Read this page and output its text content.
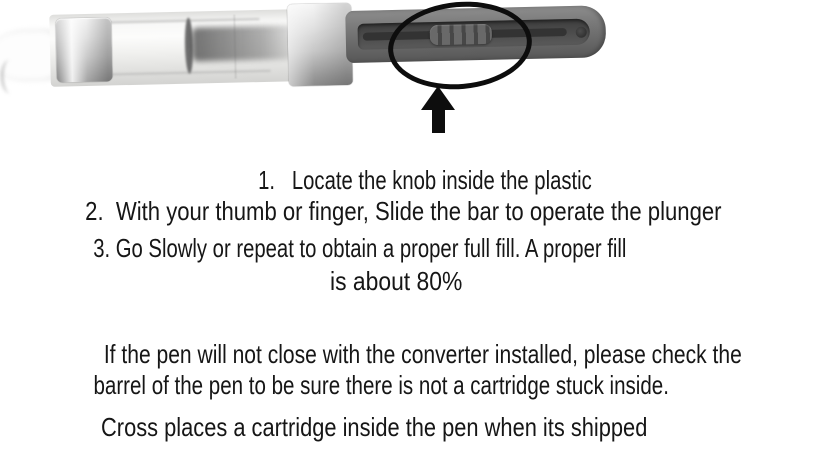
1.   Locate the knob inside the plastic

2.  With your thumb or finger, Slide the bar to operate the plunger

3. Go Slowly or repeat to obtain a proper full fill. A proper fill

is about 80%

If the pen will not close with the converter installed, please check the

barrel of the pen to be sure there is not a cartridge stuck inside.

Cross places a cartridge inside the pen when its shipped
